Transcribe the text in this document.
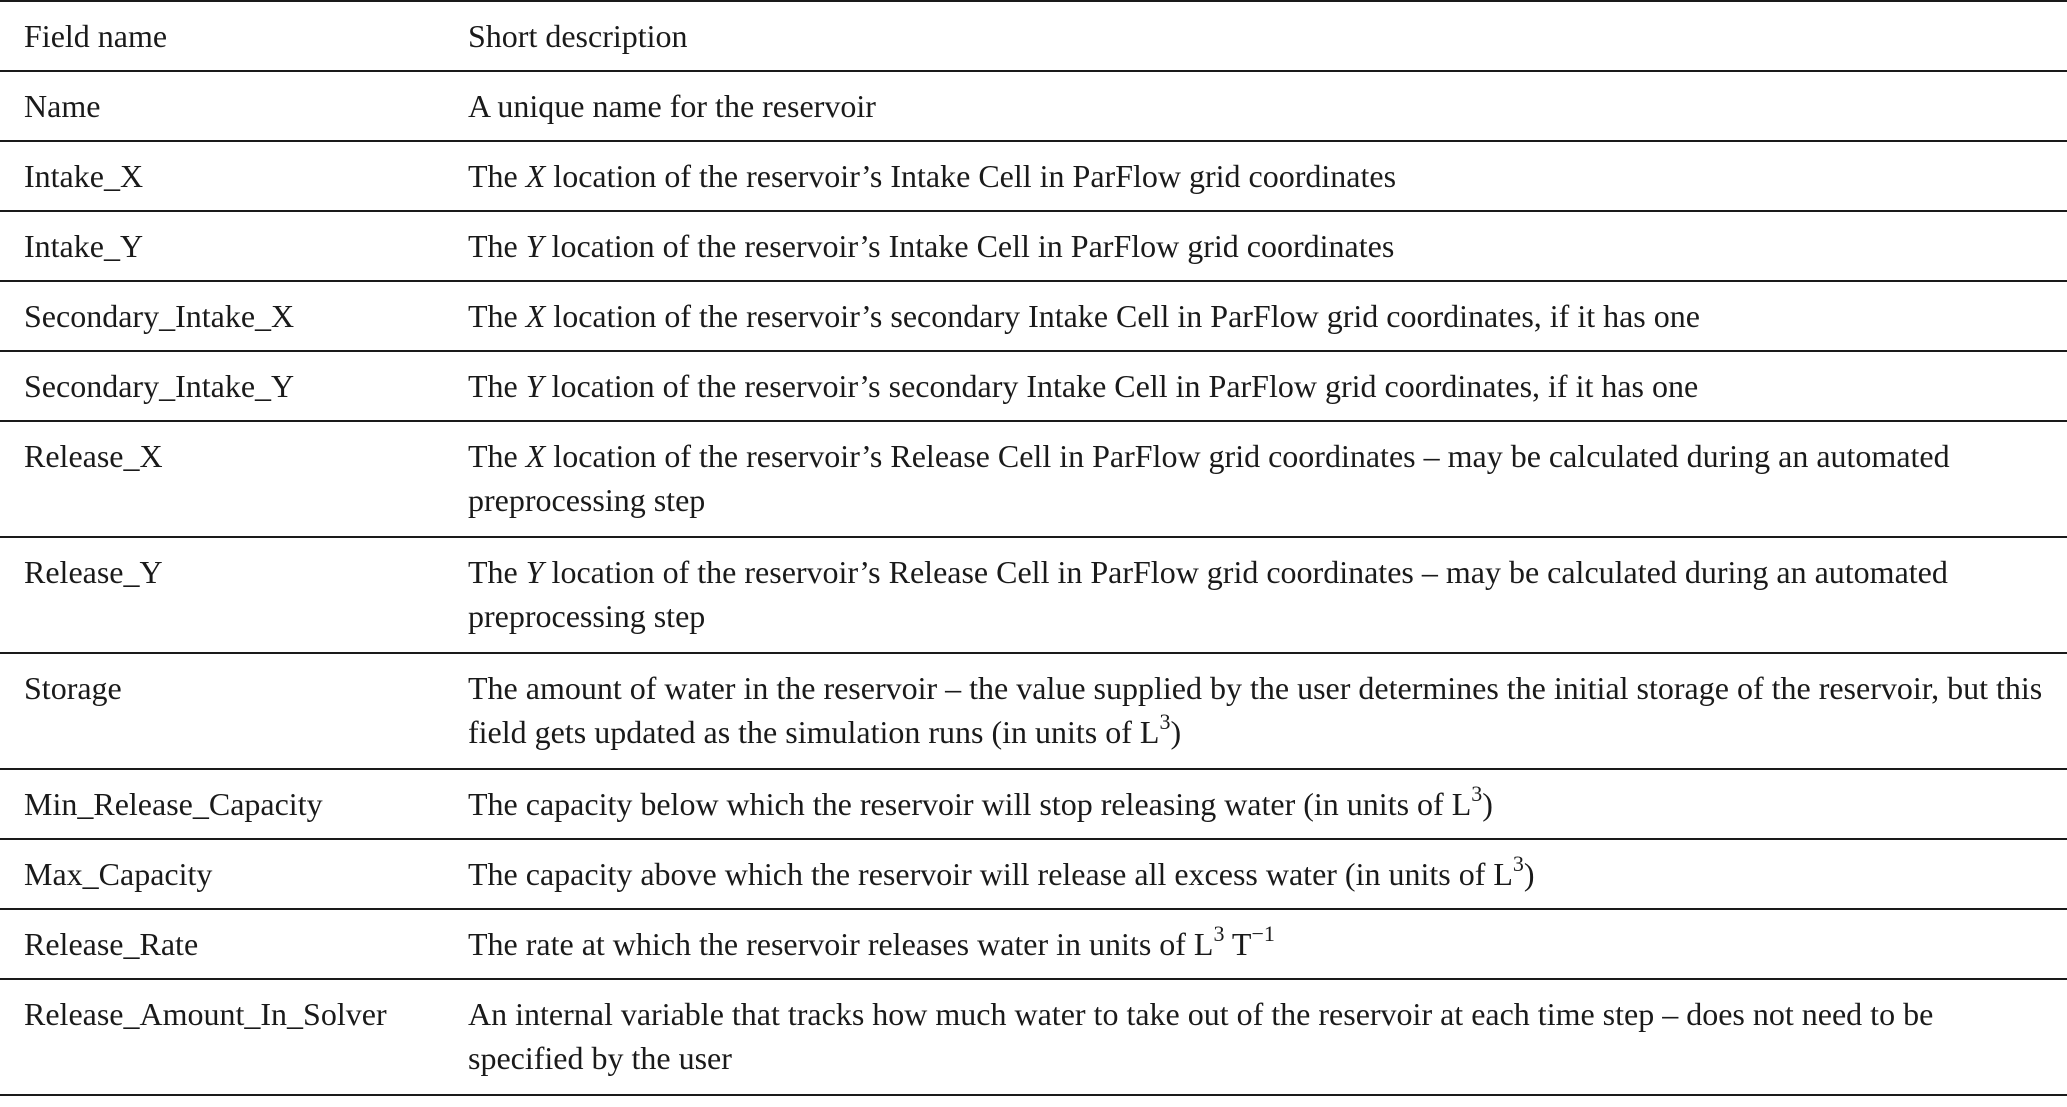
Field name	Short description
Name	A unique name for the reservoir

Intake_X	The X location of the reservoir’s Intake Cell in ParFlow grid coordinates

Intake_Y	The Y location of the reservoir’s Intake Cell in ParFlow grid coordinates

Secondary_Intake_X	The X location of the reservoir’s secondary Intake Cell in ParFlow grid coordinates, if it has one

Secondary_Intake_Y	The Y location of the reservoir’s secondary Intake Cell in ParFlow grid coordinates, if it has one

Release_X	The X location of the reservoir’s Release Cell in ParFlow grid coordinates – may be calculated during an automated preprocessing step

Release_Y	The Y location of the reservoir’s Release Cell in ParFlow grid coordinates – may be calculated during an automated preprocessing step

Storage	The amount of water in the reservoir – the value supplied by the user determines the initial storage of the reservoir, but this field gets updated as the simulation runs (in units of $L^3$)

Min_Release_Capacity	The capacity below which the reservoir will stop releasing water (in units of $L^3$)

Max_Capacity	The capacity above which the reservoir will release all excess water (in units of $L^3$)

Release_Rate	The rate at which the reservoir releases water in units of $L^3$ $T^{-1}$

Release_Amount_In_Solver	An internal variable that tracks how much water to take out of the reservoir at each time step – does not need to be specified by the user
